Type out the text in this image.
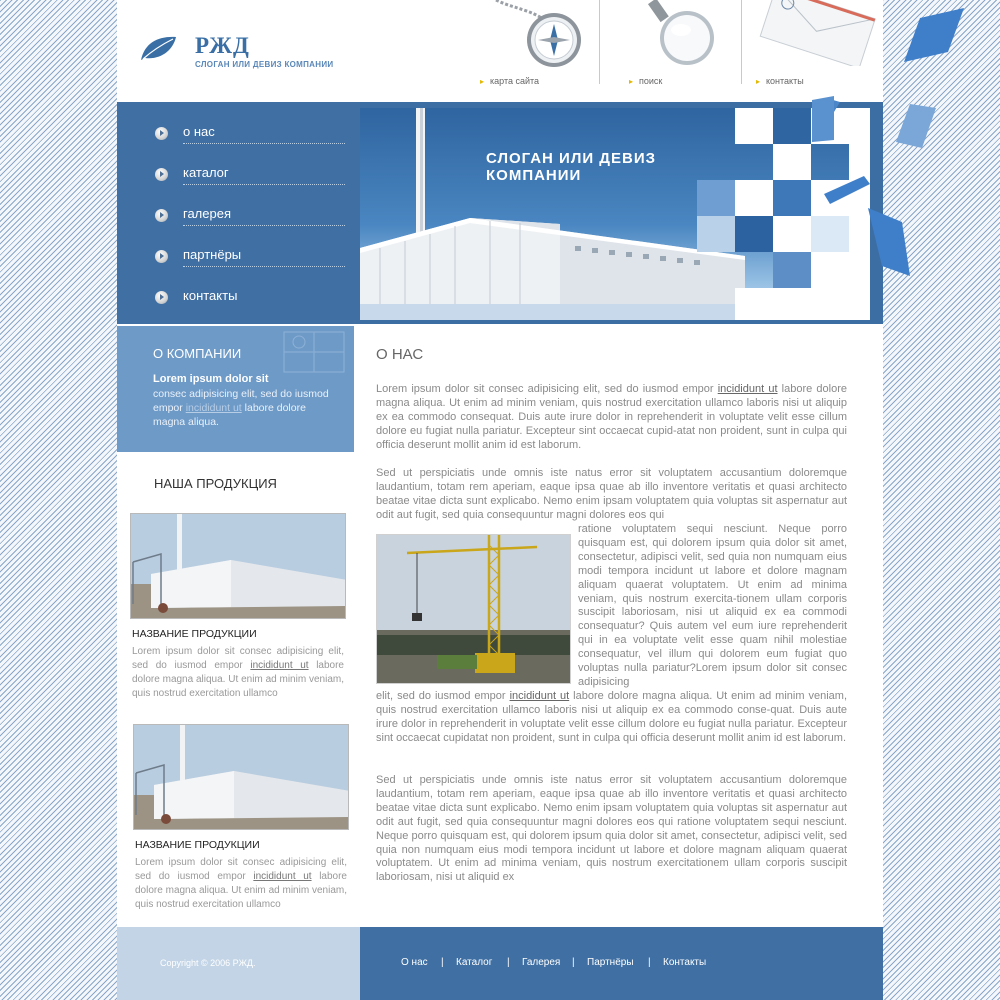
РЖД
СЛОГАН ИЛИ ДЕВИЗ КОМПАНИИ
▸ карта сайта	▸ поиск	▸ контакты
о нас
каталог
галерея
партнёры
контакты
СЛОГАН ИЛИ ДЕВИЗ
КОМПАНИИ
О КОМПАНИИ
Lorem ipsum dolor sit
consec adipisicing elit, sed do iusmod empor incididunt ut labore dolore magna aliqua.
НАША ПРОДУКЦИЯ
НАЗВАНИЕ ПРОДУКЦИИ
Lorem ipsum dolor sit consec adipisicing elit, sed do iusmod empor incididunt ut labore dolore magna aliqua. Ut enim ad minim veniam, quis nostrud exercitation ullamco
НАЗВАНИЕ ПРОДУКЦИИ
Lorem ipsum dolor sit consec adipisicing elit, sed do iusmod empor incididunt ut labore dolore magna aliqua. Ut enim ad minim veniam, quis nostrud exercitation ullamco
О НАС
Lorem ipsum dolor sit consec adipisicing elit, sed do iusmod empor incididunt ut labore dolore magna aliqua. Ut enim ad minim veniam, quis nostrud exercitation ullamco laboris nisi ut aliquip ex ea commodo consequat. Duis aute irure dolor in reprehenderit in voluptate velit esse cillum dolore eu fugiat nulla pariatur. Excepteur sint occaecat cupid-atat non proident, sunt in culpa qui officia deserunt mollit anim id est laborum.
Sed ut perspiciatis unde omnis iste natus error sit voluptatem accusantium doloremque laudantium, totam rem aperiam, eaque ipsa quae ab illo inventore veritatis et quasi architecto beatae vitae dicta sunt explicabo. Nemo enim ipsam voluptatem quia voluptas sit aspernatur aut odit aut fugit, sed quia consequuntur magni dolores eos qui
ratione voluptatem sequi nesciunt. Neque porro quisquam est, qui dolorem ipsum quia dolor sit amet, consectetur, adipisci velit, sed quia non numquam eius modi tempora incidunt ut labore et dolore magnam aliquam quaerat voluptatem. Ut enim ad minima veniam, quis nostrum exercita-tionem ullam corporis suscipit laboriosam, nisi ut aliquid ex ea commodi consequatur? Quis autem vel eum iure reprehenderit qui in ea voluptate velit esse quam nihil molestiae consequatur, vel illum qui dolorem eum fugiat quo voluptas nulla pariatur?Lorem ipsum dolor sit consec adipisicing
elit, sed do iusmod empor incididunt ut labore dolore magna aliqua. Ut enim ad minim veniam, quis nostrud exercitation ullamco laboris nisi ut aliquip ex ea commodo conse-quat. Duis aute irure dolor in reprehenderit in voluptate velit esse cillum dolore eu fugiat nulla pariatur. Excepteur sint occaecat cupidatat non proident, sunt in culpa qui officia deserunt mollit anim id est laborum.
Sed ut perspiciatis unde omnis iste natus error sit voluptatem accusantium doloremque laudantium, totam rem aperiam, eaque ipsa quae ab illo inventore veritatis et quasi architecto beatae vitae dicta sunt explicabo. Nemo enim ipsam voluptatem quia voluptas sit aspernatur aut odit aut fugit, sed quia consequuntur magni dolores eos qui ratione voluptatem sequi nesciunt. Neque porro quisquam est, qui dolorem ipsum quia dolor sit amet, consectetur, adipisci velit, sed quia non numquam eius modi tempora incidunt ut labore et dolore magnam aliquam quaerat voluptatem. Ut enim ad minima veniam, quis nostrum exercitationem ullam corporis suscipit laboriosam, nisi ut aliquid ex
Copyright © 2006 РЖД.	О нас | Каталог | Галерея | Партнёры | Контакты
